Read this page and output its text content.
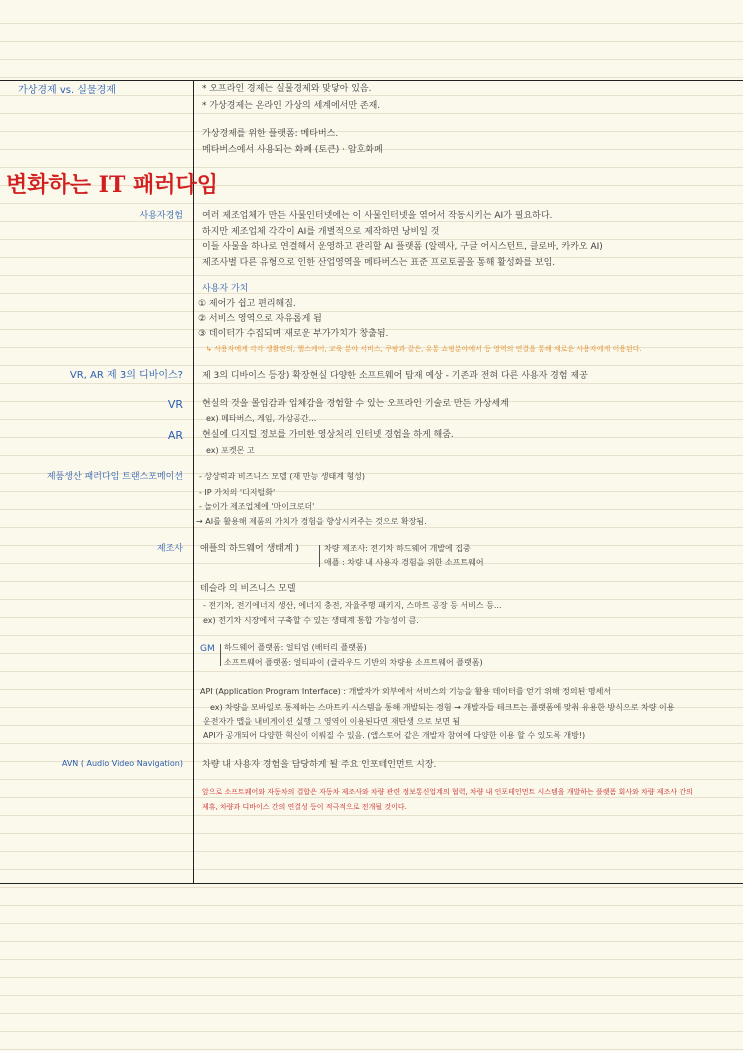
가상경제 vs. 실물경제
변화하는 IT 패러다임
사용자경험
VR, AR 제 3의 디바이스?
VR
AR
제품생산 패러다임 트랜스포메이션
제조사
AVN ( Audio Video Navigation)
* 오프라인 경제는 실물경제와 맞닿아 있음.
* 가상경제는 온라인 가상의 세계에서만 존재.
가상경제를 위한 플랫폼: 메타버스.
메타버스에서 사용되는 화폐 (토큰) · 암호화폐
여러 제조업체가 만든 사물인터넷에는 이 사물인터넷을 엮어서 작동시키는 AI가 필요하다.
하지만 제조업체 각각이 AI를 개별적으로 제작하면 낭비일 것
이들 사물을 하나로 연결해서 운영하고 관리할 AI 플랫폼 (알렉사, 구글 어시스턴트, 클로바, 카카오 AI)
제조사별 다른 유형으로 인한 산업영역을 메타버스는 표준 프로토콜을 통해 활성화를 보임.
사용자 가치
① 제어가 쉽고 편리해짐.
② 서비스 영역으로 자유롭게 됨
③ 데이터가 수집되며 새로운 부가가치가 창출됨.
↳ 사용자에게 각각 생활편의, 헬스케어, 교육 분야 서비스, 쿠팡과 같은, 유통 쇼핑분야에서 등 영역의 연결을 통해 새로운 사용자에게 이용된다.
제 3의 디바이스 등장) 확장현실 다양한 소프트웨어 탑재 예상 - 기존과 전혀 다른 사용자 경험 제공
현실의 것을 몰입감과 입체감을 경험할 수 있는 오프라인 기술로 만든 가상세계
ex) 메타버스, 게임, 가상공간...
현실에 디지털 정보를 가미한 영상처리 인터넷 경험을 하게 해줌.
ex) 포켓몬 고
- 상상력과 비즈니스 모델 (재 만능 생태계 형성)
- IP 가치의 '디지털화'
- 놀이가 제조업체에 '마이크로더'
→ AI를 활용해 제품의 가치가 경험을 향상시켜주는 것으로 확장됨.
애플의 하드웨어 생태계 )	차량 제조사: 전기차 하드웨어 개발에 집중
애플 : 차량 내 사용자 경험을 위한 소프트웨어
테슬라 의 비즈니스 모델
- 전기차, 전기에너지 생산, 에너지 충전, 자율주행 패키지, 스마트 공장 등 서비스 등...
ex) 전기차 시장에서 구축할 수 있는 생태계 통합 가능성이 큼.
GM 하드웨어 플랫폼: 얼티엄 (배터리 플랫폼)
소프트웨어 플랫폼: 얼티파이 (클라우드 기반의 차량용 소프트웨어 플랫폼)
API (Application Program Interface) : 개발자가 외부에서 서비스의 기능을 활용 데이터를 얻기 위해 정의된 명세서
ex) 차량을 모바일로 통제하는 스마트키 시스템을 통해 개발되는 경험 → 개발자들 테크트는 플랫폼에 맞춰 유용한 방식으로 차량 이용
운전자가 맵을 내비게이션 실행 그 영역이 이용된다면 재탄생 으로 보면 됨
API가 공개되어 다양한 혁신이 이뤄질 수 있음. (앱스토어 같은 개발자 참여에 다양한 이용 할 수 있도록 개방!)
차량 내 사용자 경험을 담당하게 될 주요 인포테인먼트 시장.
앞으로 소프트웨어와 자동차의 결합은 자동차 제조사와 차량 관련 정보통신업계의 협력, 차량 내 인포테인먼트 시스템을 개발하는 플랫폼 회사와 차량 제조사 간의
제휴, 차량과 디바이스 간의 연결성 등이 적극적으로 전개될 것이다.
